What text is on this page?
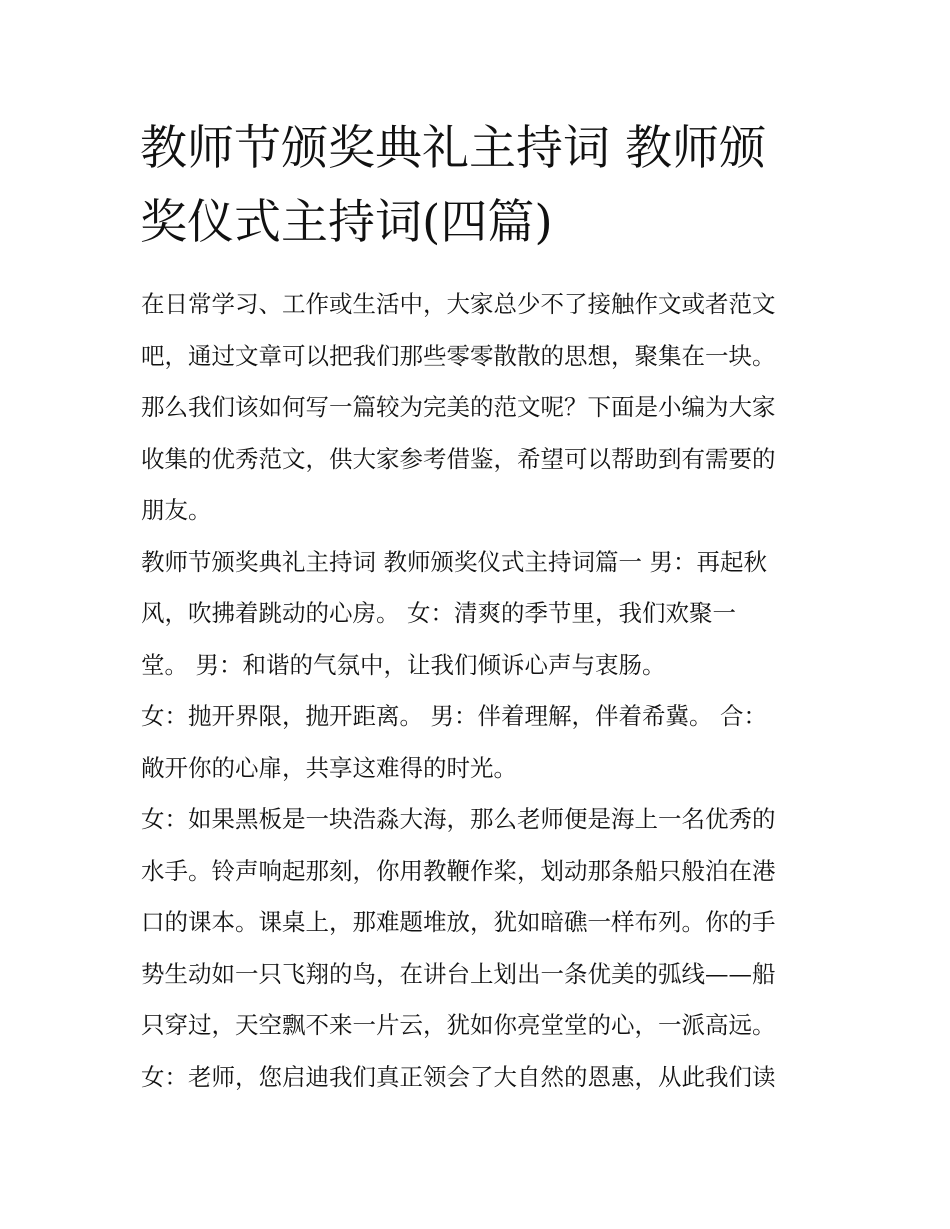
教师节颁奖典礼主持词 教师颁
奖仪式主持词(四篇)
在日常学习、工作或生活中，大家总少不了接触作文或者范文
吧，通过文章可以把我们那些零零散散的思想，聚集在一块。
那么我们该如何写一篇较为完美的范文呢？下面是小编为大家
收集的优秀范文，供大家参考借鉴，希望可以帮助到有需要的
朋友。
教师节颁奖典礼主持词 教师颁奖仪式主持词篇一 男：再起秋
风，吹拂着跳动的心房。 女：清爽的季节里，我们欢聚一
堂。 男：和谐的气氛中，让我们倾诉心声与衷肠。
女：抛开界限，抛开距离。 男：伴着理解，伴着希冀。 合：
敞开你的心扉，共享这难得的时光。
女：如果黑板是一块浩淼大海，那么老师便是海上一名优秀的
水手。铃声响起那刻，你用教鞭作桨，划动那条船只般泊在港
口的课本。课桌上，那难题堆放，犹如暗礁一样布列。你的手
势生动如一只飞翔的鸟，在讲台上划出一条优美的弧线——船
只穿过，天空飘不来一片云，犹如你亮堂堂的心，一派高远。
女：老师，您启迪我们真正领会了大自然的恩惠，从此我们读
